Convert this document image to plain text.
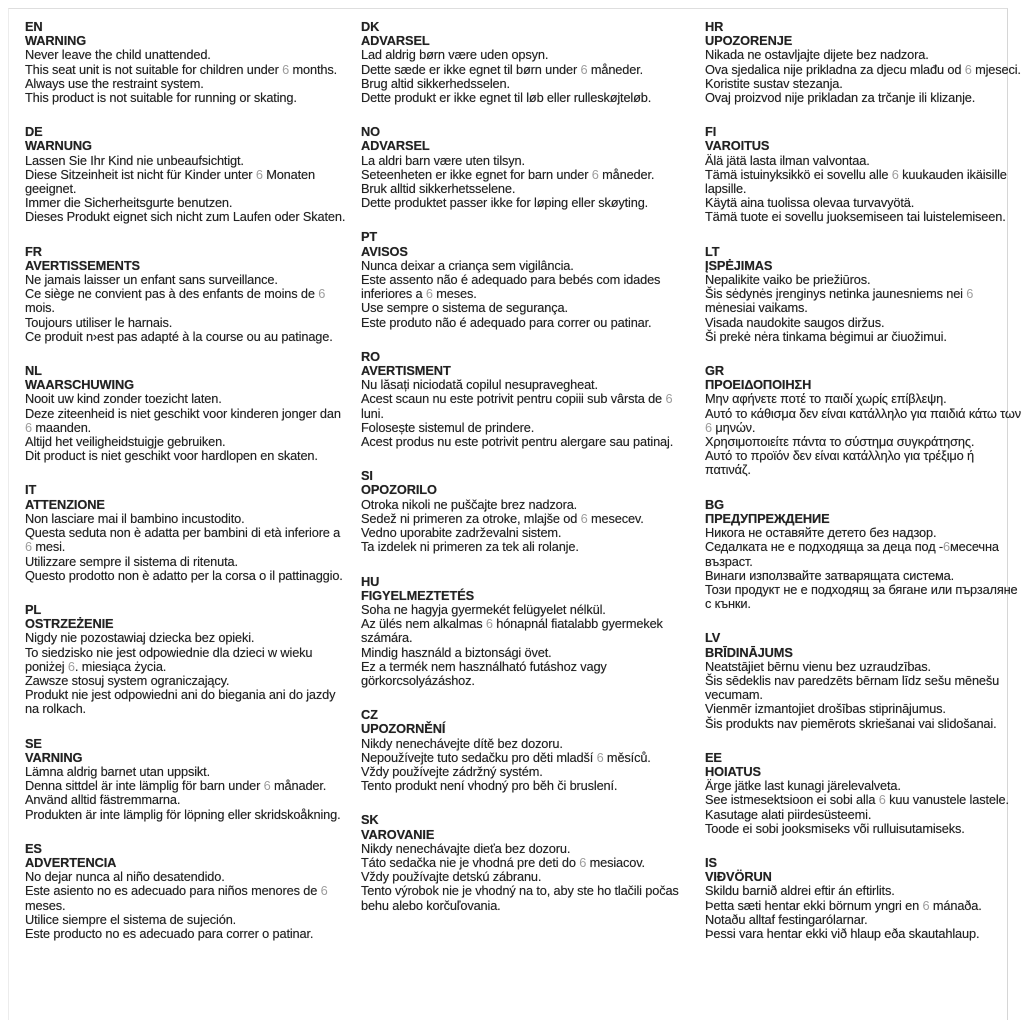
EN
WARNING
Never leave the child unattended.
This seat unit is not suitable for children under 6 months.
Always use the restraint system.
This product is not suitable for running or skating.
DE
WARNUNG
Lassen Sie Ihr Kind nie unbeaufsichtigt.
Diese Sitzeinheit ist nicht für Kinder unter 6 Monaten geeignet.
Immer die Sicherheitsgurte benutzen.
Dieses Produkt eignet sich nicht zum Laufen oder Skaten.
FR
AVERTISSEMENTS
Ne jamais laisser un enfant sans surveillance.
Ce siège ne convient pas à des enfants de moins de 6 mois.
Toujours utiliser le harnais.
Ce produit n›est pas adapté à la course ou au patinage.
NL
WAARSCHUWING
Nooit uw kind zonder toezicht laten.
Deze ziteenheid is niet geschikt voor kinderen jonger dan 6 maanden.
Altijd het veiligheidstuigje gebruiken.
Dit product is niet geschikt voor hardlopen en skaten.
IT
ATTENZIONE
Non lasciare mai il bambino incustodito.
Questa seduta non è adatta per bambini di età inferiore a 6 mesi.
Utilizzare sempre il sistema di ritenuta.
Questo prodotto non è adatto per la corsa o il pattinaggio.
PL
OSTRZEŻENIE
Nigdy nie pozostawiaj dziecka bez opieki.
To siedzisko nie jest odpowiednie dla dzieci w wieku poniżej 6. miesiąca życia.
Zawsze stosuj system ograniczający.
Produkt nie jest odpowiedni ani do biegania ani do jazdy na rolkach.
SE
VARNING
Lämna aldrig barnet utan uppsikt.
Denna sittdel är inte lämplig för barn under 6 månader.
Använd alltid fästremmarna.
Produkten är inte lämplig för löpning eller skridskoåkning.
ES
ADVERTENCIA
No dejar nunca al niño desatendido.
Este asiento no es adecuado para niños menores de 6 meses.
Utilice siempre el sistema de sujeción.
Este producto no es adecuado para correr o patinar.
DK
ADVARSEL
Lad aldrig børn være uden opsyn.
Dette sæde er ikke egnet til børn under 6 måneder.
Brug altid sikkerhedsselen.
Dette produkt er ikke egnet til løb eller rulleskøjteløb.
NO
ADVARSEL
La aldri barn være uten tilsyn.
Seteenheten er ikke egnet for barn under 6 måneder.
Bruk alltid sikkerhetsselene.
Dette produktet passer ikke for løping eller skøyting.
PT
AVISOS
Nunca deixar a criança sem vigilância.
Este assento não é adequado para bebés com idades inferiores a 6 meses.
Use sempre o sistema de segurança.
Este produto não é adequado para correr ou patinar.
RO
AVERTISMENT
Nu lăsați niciodată copilul nesupravegheat.
Acest scaun nu este potrivit pentru copiii sub vârsta de 6 luni.
Folosește sistemul de prindere.
Acest produs nu este potrivit pentru alergare sau patinaj.
SI
OPOZORILO
Otroka nikoli ne puščajte brez nadzora.
Sedež ni primeren za otroke, mlajše od 6 mesecev.
Vedno uporabite zadrževalni sistem.
Ta izdelek ni primeren za tek ali rolanje.
HU
FIGYELMEZTETÉS
Soha ne hagyja gyermekét felügyelet nélkül.
Az ülés nem alkalmas 6 hónapnál fiatalabb gyermekek számára.
Mindig használd a biztonsági övet.
Ez a termék nem használható futáshoz vagy görkorcsolyázáshoz.
CZ
UPOZORNĚNÍ
Nikdy nenechávejte dítě bez dozoru.
Nepoužívejte tuto sedačku pro děti mladší 6 měsíců.
Vždy používejte zádržný systém.
Tento produkt není vhodný pro běh či bruslení.
SK
VAROVANIE
Nikdy nenechávajte dieťa bez dozoru.
Táto sedačka nie je vhodná pre deti do 6 mesiacov.
Vždy používajte detskú zábranu.
Tento výrobok nie je vhodný na to, aby ste ho tlačili počas behu alebo korčuľovania.
HR
UPOZORENJE
Nikada ne ostavljajte dijete bez nadzora.
Ova sjedalica nije prikladna za djecu mlađu od 6 mjeseci.
Koristite sustav stezanja.
Ovaj proizvod nije prikladan za trčanje ili klizanje.
FI
VAROITUS
Älä jätä lasta ilman valvontaa.
Tämä istuinyksikkö ei sovellu alle 6 kuukauden ikäisille lapsille.
Käytä aina tuolissa olevaa turvavyötä.
Tämä tuote ei sovellu juoksemiseen tai luistelemiseen.
LT
ĮSPĖJIMAS
Nepalikite vaiko be priežiūros.
Šis sėdynės įrenginys netinka jaunesniems nei 6 mėnesiai vaikams.
Visada naudokite saugos diržus.
Ši prekė nėra tinkama bėgimui ar čiuožimui.
GR
ΠΡΟΕΙΔΟΠΟΙΗΣΗ
Μην αφήνετε ποτέ το παιδί χωρίς επίβλεψη.
Αυτό το κάθισμα δεν είναι κατάλληλο για παιδιά κάτω των 6 μηνών.
Χρησιμοποιείτε πάντα το σύστημα συγκράτησης.
Αυτό το προϊόν δεν είναι κατάλληλο για τρέξιμο ή πατινάζ.
BG
ПРЕДУПРЕЖДЕНИЕ
Никога не оставяйте детето без надзор.
Седалката не е подходяща за деца под -6месечна възраст.
Винаги използвайте затварящата система.
Този продукт не е подходящ за бягане или пързаляне с кънки.
LV
BRĪDINĀJUMS
Neatstājiet bērnu vienu bez uzraudzības.
Šis sēdeklis nav paredzēts bērnam līdz sešu mēnešu vecumam.
Vienmēr izmantojiet drošības stiprinājumus.
Šis produkts nav piemērots skriešanai vai slidošanai.
EE
HOIATUS
Ärge jätke last kunagi järelevalveta.
See istmesektsioon ei sobi alla 6 kuu vanustele lastele.
Kasutage alati piirdesüsteemi.
Toode ei sobi jooksmiseks või rulluisutamiseks.
IS
VIÐVÖRUN
Skildu barnið aldrei eftir án eftirlits.
Þetta sæti hentar ekki börnum yngri en 6 mánaða.
Notaðu alltaf festingarólarnar.
Þessi vara hentar ekki við hlaup eða skautahlaup.
